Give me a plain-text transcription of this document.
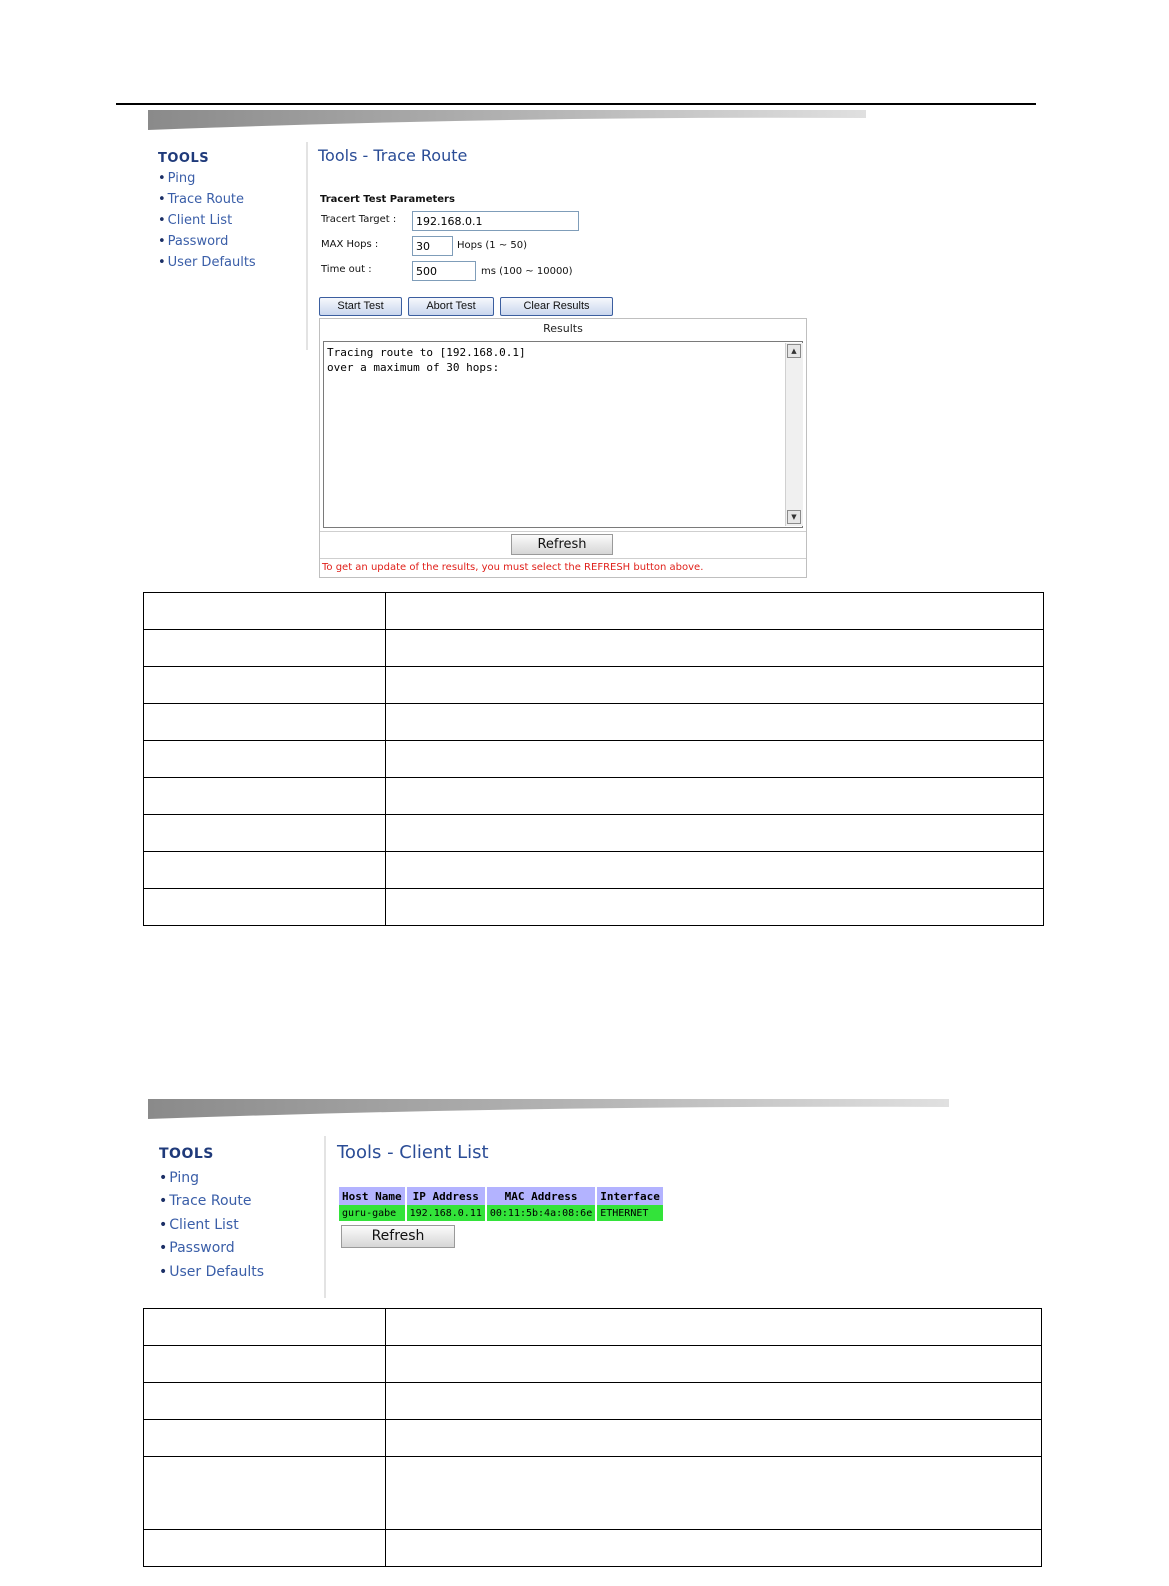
TOOLS
• Ping
• Trace Route
• Client List
• Password
• User Defaults
Tools - Trace Route
Tracert Test Parameters
Tracert Target :
192.168.0.1
MAX Hops :
30	Hops (1 ~ 50)
Time out :
500	ms (100 ~ 10000)
Start Test	Abort Test	Clear Results
Results
Tracing route to [192.168.0.1]
over a maximum of 30 hops:
▲
▼
Refresh
To get an update of the results, you must select the REFRESH button above.

TOOLS
• Ping
• Trace Route
• Client List
• Password
• User Defaults
Tools - Client List
Host Name	IP Address	MAC Address	Interface
guru-gabe	192.168.0.11	00:11:5b:4a:08:6e	ETHERNET
Refresh
